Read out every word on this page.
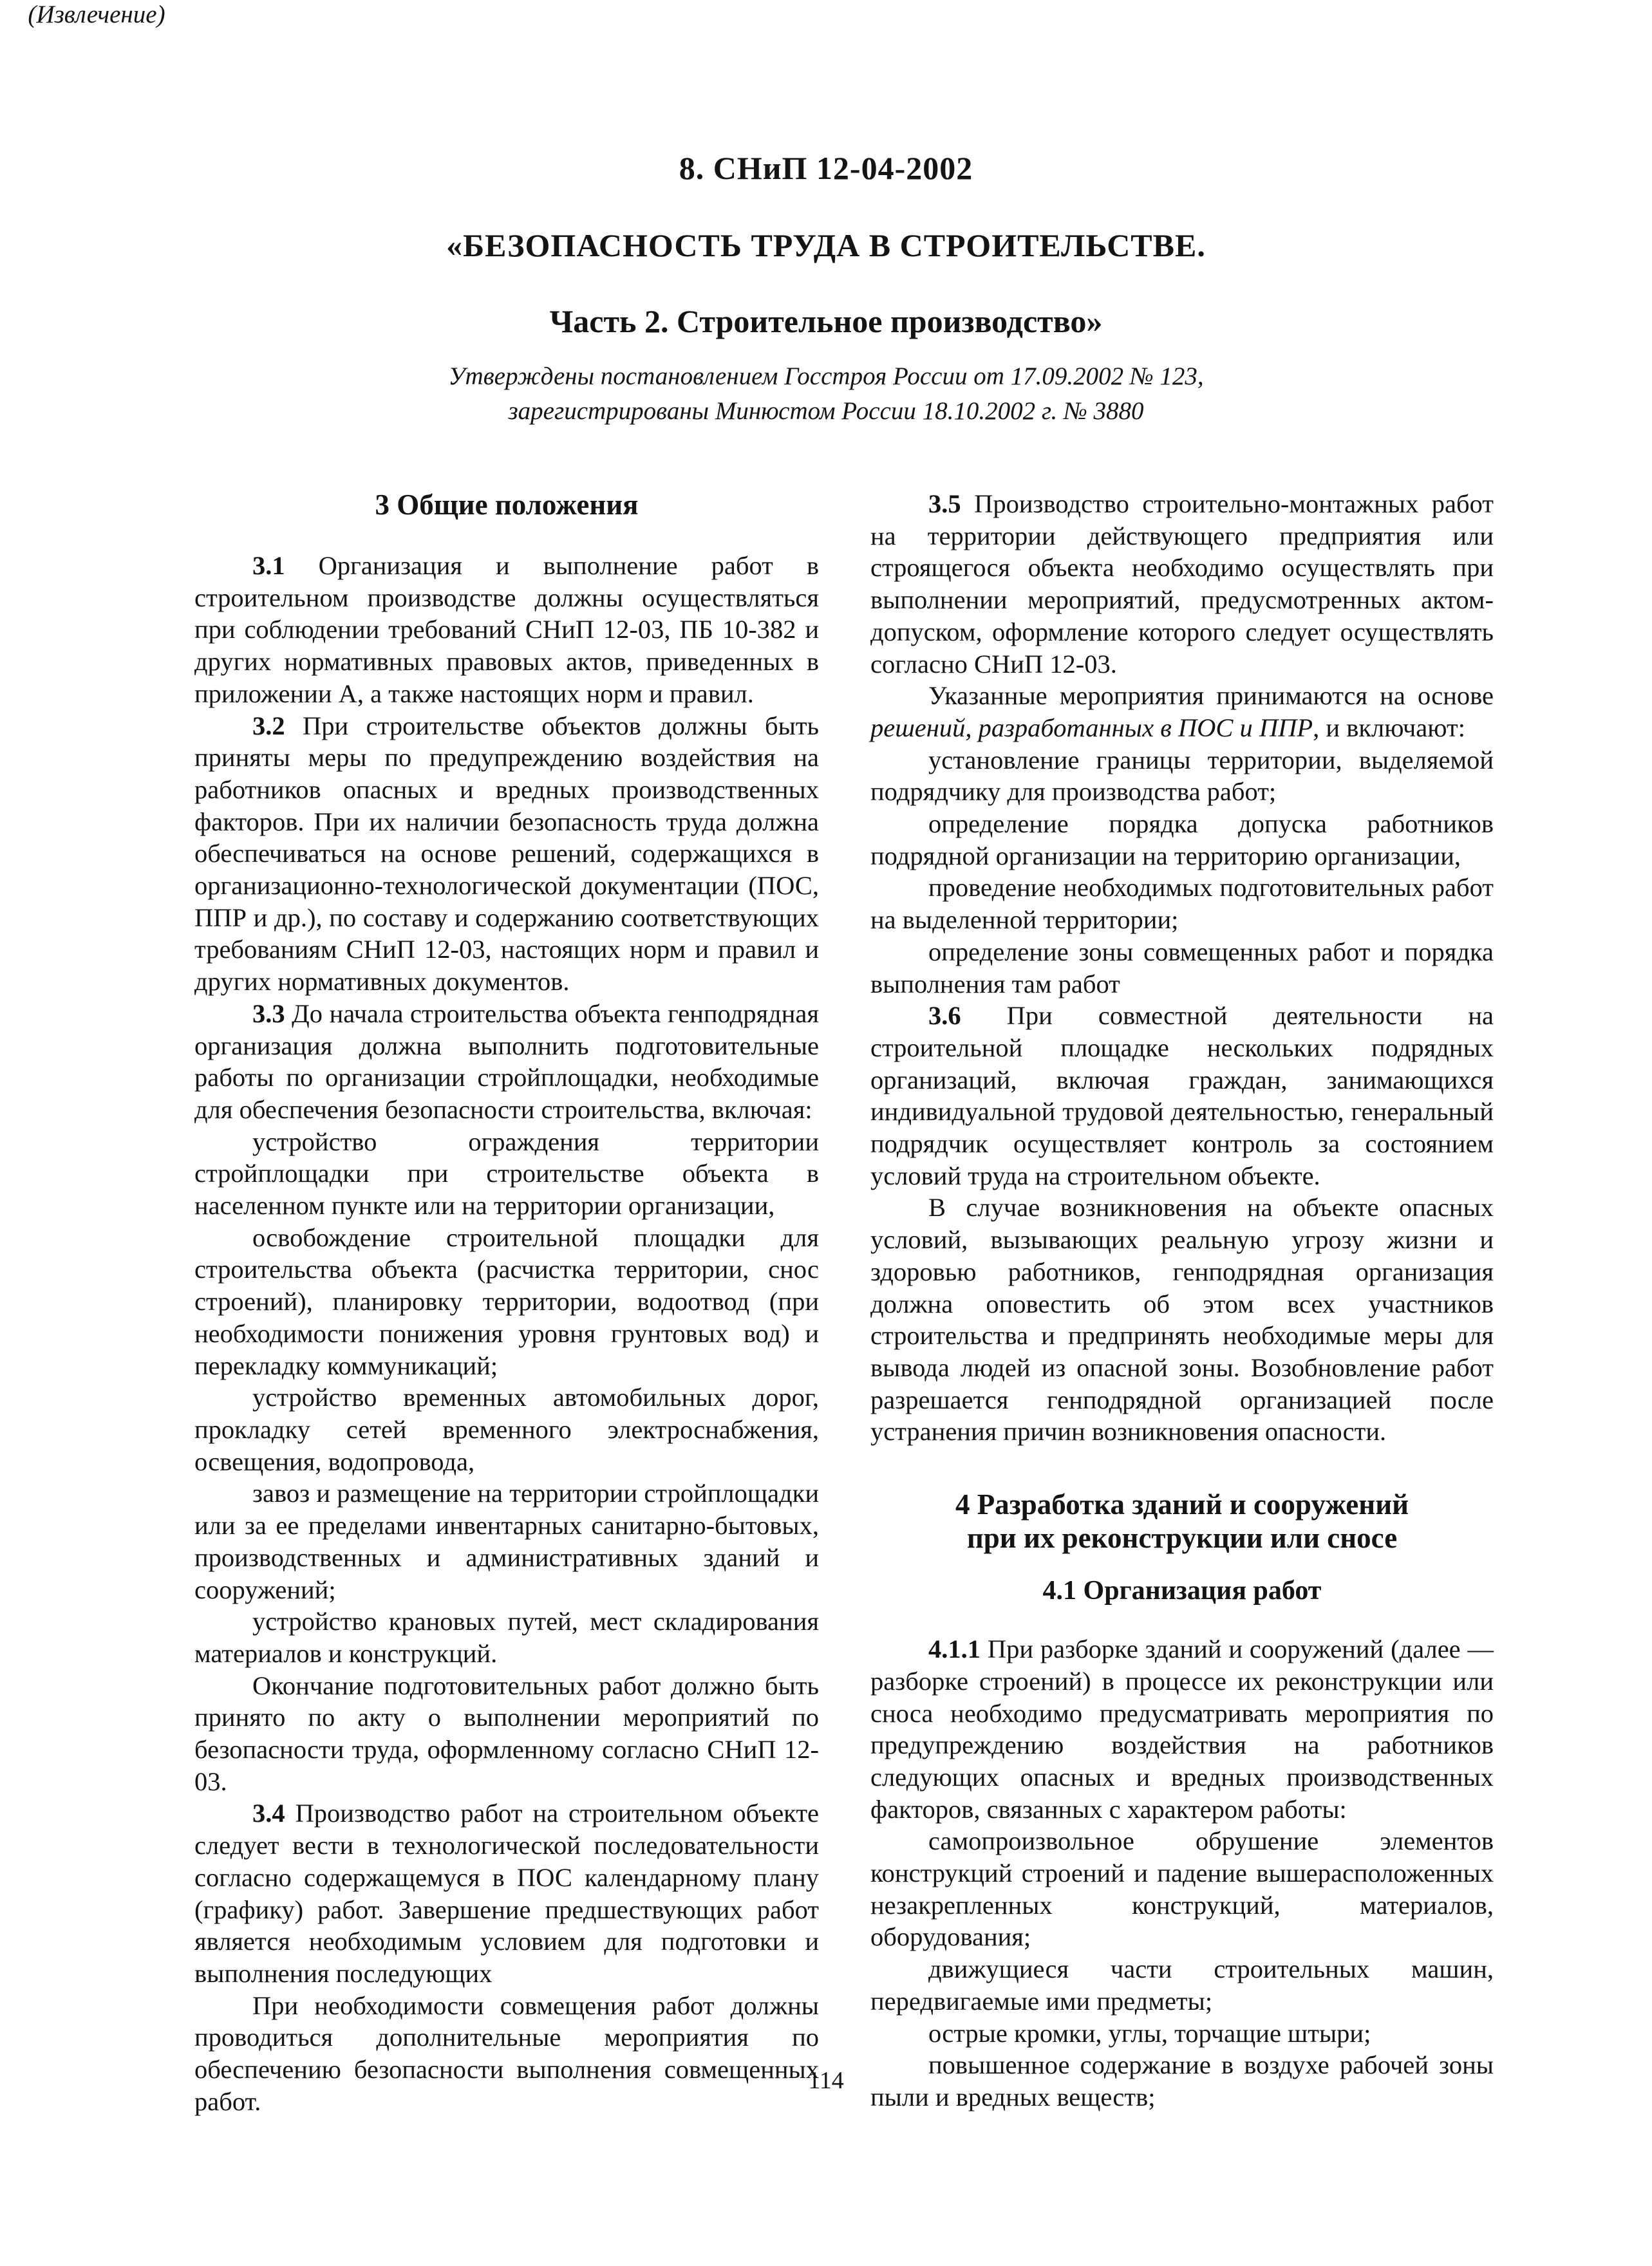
8. СНиП 12-04-2002
«БЕЗОПАСНОСТЬ ТРУДА В СТРОИТЕЛЬСТВЕ.
Часть 2. Строительное производство»
Утверждены постановлением Госстроя России от 17.09.2002 № 123,
зарегистрированы Минюстом России 18.10.2002 г. № 3880
(Извлечение)
3 Общие положения

3.1 Организация и выполнение работ в строительном производстве должны осуществляться при соблюдении требований СНиП 12-03, ПБ 10-382 и других нормативных правовых актов, приведенных в приложении А, а также настоящих норм и правил.

3.2 При строительстве объектов должны быть приняты меры по предупреждению воздействия на работников опасных и вредных производственных факторов. При их наличии безопасность труда должна обеспечиваться на основе решений, содержащихся в организационно-технологической документации (ПОС, ППР и др.), по составу и содержанию соответствующих требованиям СНиП 12-03, настоящих норм и правил и других нормативных документов.

3.3 До начала строительства объекта генподрядная организация должна выполнить подготовительные работы по организации стройплощадки, необходимые для обеспечения безопасности строительства, включая:

устройство ограждения территории стройплощадки при строительстве объекта в населенном пункте или на территории организации,

освобождение строительной площадки для строительства объекта (расчистка территории, снос строений), планировку территории, водоотвод (при необходимости понижения уровня грунтовых вод) и перекладку коммуникаций;

устройство временных автомобильных дорог, прокладку сетей временного электроснабжения, освещения, водопровода,

завоз и размещение на территории стройплощадки или за ее пределами инвентарных санитарно-бытовых, производственных и административных зданий и сооружений;

устройство крановых путей, мест складирования материалов и конструкций.

Окончание подготовительных работ должно быть принято по акту о выполнении мероприятий по безопасности труда, оформленному согласно СНиП 12-03.

3.4 Производство работ на строительном объекте следует вести в технологической последовательности согласно содержащемуся в ПОС календарному плану (графику) работ. Завершение предшествующих работ является необходимым условием для подготовки и выполнения последующих

При необходимости совмещения работ должны проводиться дополнительные мероприятия по обеспечению безопасности выполнения совмещенных работ.

3.5 Производство строительно-монтажных работ на территории действующего предприятия или строящегося объекта необходимо осуществлять при выполнении мероприятий, предусмотренных актом-допуском, оформление которого следует осуществлять согласно СНиП 12-03.

Указанные мероприятия принимаются на основе решений, разработанных в ПОС и ППР, и включают:

установление границы территории, выделяемой подрядчику для производства работ;

определение порядка допуска работников подрядной организации на территорию организации,

проведение необходимых подготовительных работ на выделенной территории;

определение зоны совмещенных работ и порядка выполнения там работ

3.6 При совместной деятельности на строительной площадке нескольких подрядных организаций, включая граждан, занимающихся индивидуальной трудовой деятельностью, генеральный подрядчик осуществляет контроль за состоянием условий труда на строительном объекте.

В случае возникновения на объекте опасных условий, вызывающих реальную угрозу жизни и здоровью работников, генподрядная организация должна оповестить об этом всех участников строительства и предпринять необходимые меры для вывода людей из опасной зоны. Возобновление работ разрешается генподрядной организацией после устранения причин возникновения опасности.

4 Разработка зданий и сооружений
при их реконструкции или сносе
4.1 Организация работ

4.1.1 При разборке зданий и сооружений (далее — разборке строений) в процессе их реконструкции или сноса необходимо предусматривать мероприятия по предупреждению воздействия на работников следующих опасных и вредных производственных факторов, связанных с характером работы:

самопроизвольное обрушение элементов конструкций строений и падение вышерасположенных незакрепленных конструкций, материалов, оборудования;

движущиеся части строительных машин, передвигаемые ими предметы;

острые кромки, углы, торчащие штыри;

повышенное содержание в воздухе рабочей зоны пыли и вредных веществ;

114
